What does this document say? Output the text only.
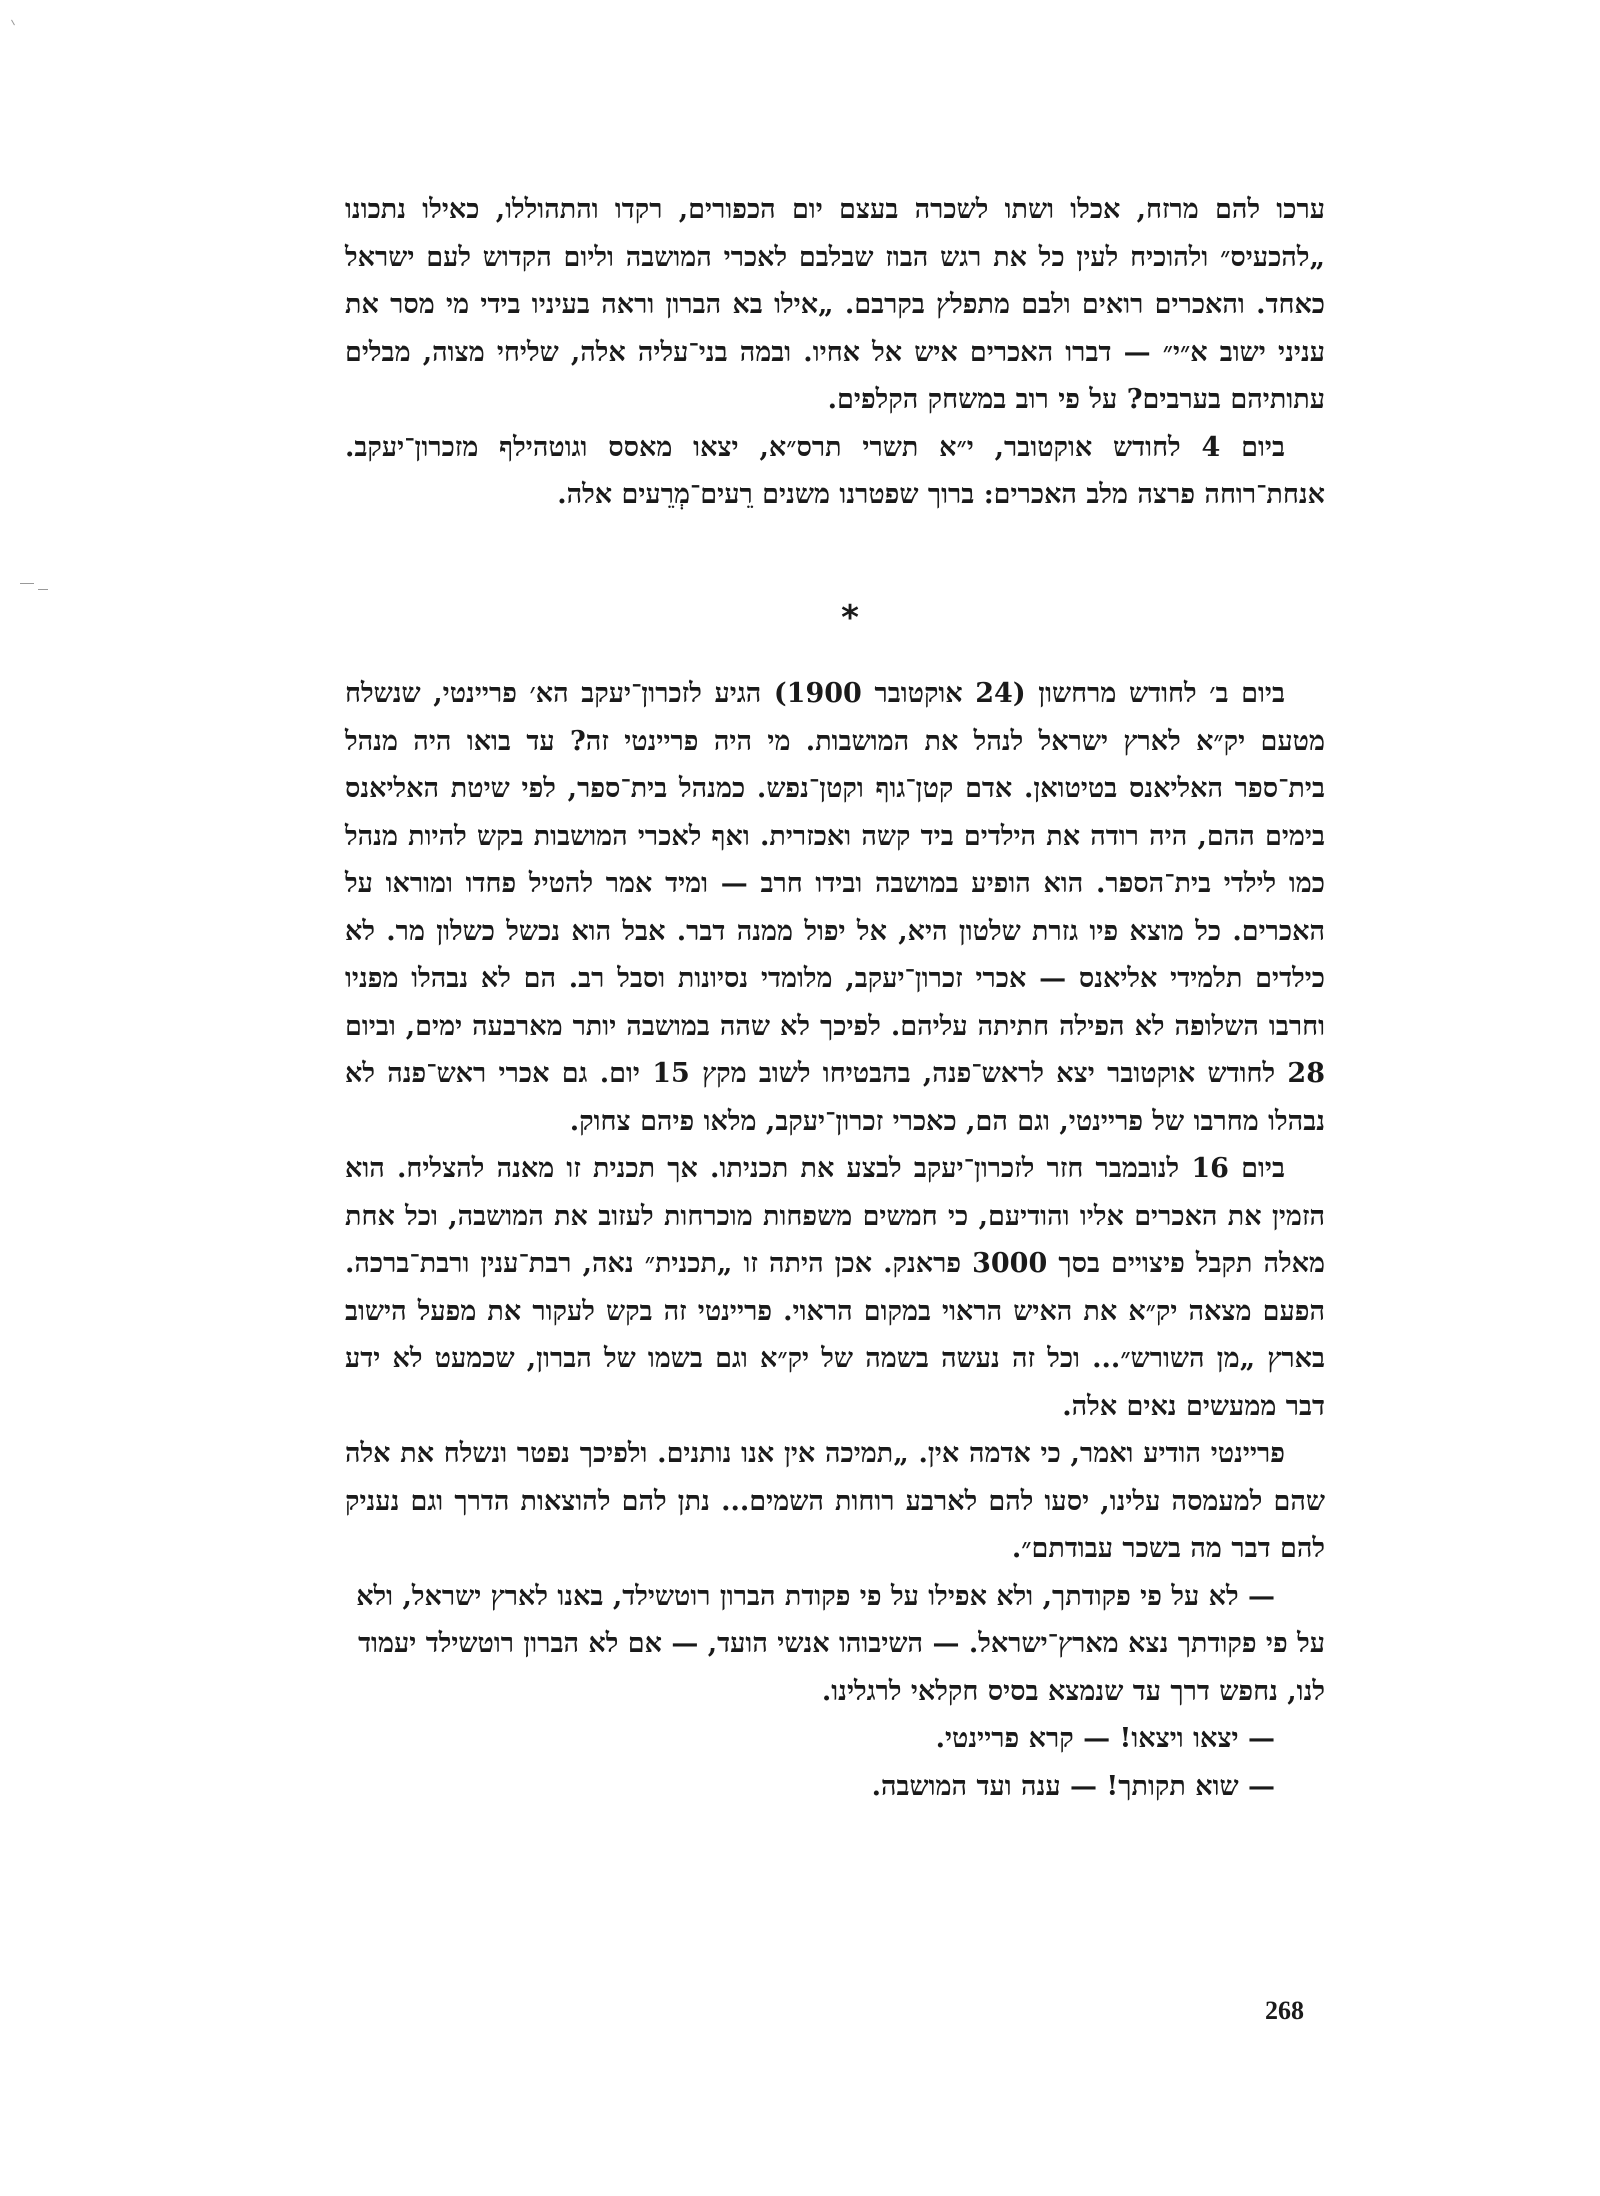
ערכו להם מרזח, אכלו ושתו לשכרה בעצם יום הכפורים, רקדו והתהוללו, כאילו נתכונו „להכעיס״ ולהוכיח לעין כל את רגש הבוז שבלבם לאכרי המושבה וליום הקדוש לעם ישראל כאחד. והאכרים רואים ולבם מתפלץ בקרבם. „אילו בא הברון וראה בעיניו בידי מי מסר את עניני ישוב א״י״ — דברו האכרים איש אל אחיו. ובמה בני־עליה אלה, שליחי מצוה, מבלים עתותיהם בערבים? על פי רוב במשחק הקלפים.

ביום 4 לחודש אוקטובר, י״א תשרי תרס״א, יצאו מאסס וגוטהילף מזכרון־יעקב. אנחת־רוחה פרצה מלב האכרים: ברוך שפטרנו משנים רֵעים־מְרֵעים אלה.

*

ביום ב׳ לחודש מרחשון (24 אוקטובר 1900) הגיע לזכרון־יעקב הא׳ פריינטי, שנשלח מטעם יק״א לארץ ישראל לנהל את המושבות. מי היה פריינטי זה? עד בואו היה מנהל בית־ספר האליאנס בטיטואן. אדם קטן־גוף וקטן־נפש. כמנהל בית־ספר, לפי שיטת האליאנס בימים ההם, היה רודה את הילדים ביד קשה ואכזרית. ואף לאכרי המושבות בקש להיות מנהל כמו לילדי בית־הספר. הוא הופיע במושבה ובידו חרב — ומיד אמר להטיל פחדו ומוראו על האכרים. כל מוצא פיו גזרת שלטון היא, אל יפול ממנה דבר. אבל הוא נכשל כשלון מר. לא כילדים תלמידי אליאנס — אכרי זכרון־יעקב, מלומדי נסיונות וסבל רב. הם לא נבהלו מפניו וחרבו השלופה לא הפילה חתיתה עליהם. לפיכך לא שהה במושבה יותר מארבעה ימים, וביום 28 לחודש אוקטובר יצא לראש־פנה, בהבטיחו לשוב מקץ 15 יום. גם אכרי ראש־פנה לא נבהלו מחרבו של פריינטי, וגם הם, כאכרי זכרון־יעקב, מלאו פיהם צחוק.

ביום 16 לנובמבר חזר לזכרון־יעקב לבצע את תכניתו. אך תכנית זו מאנה להצליח. הוא הזמין את האכרים אליו והודיעם, כי חמשים משפחות מוכרחות לעזוב את המושבה, וכל אחת מאלה תקבל פיצויים בסך 3000 פראנק. אכן היתה זו „תכנית״ נאה, רבת־ענין ורבת־ברכה. הפעם מצאה יק״א את האיש הראוי במקום הראוי. פריינטי זה בקש לעקור את מפעל הישוב בארץ „מן השורש״... וכל זה נעשה בשמה של יק״א וגם בשמו של הברון, שכמעט לא ידע דבר ממעשים נאים אלה.

פריינטי הודיע ואמר, כי אדמה אין. „תמיכה אין אנו נותנים. ולפיכך נפטר ונשלח את אלה שהם למעמסה עלינו, יסעו להם לארבע רוחות השמים... נתן להם להוצאות הדרך וגם נעניק להם דבר מה בשכר עבודתם״.

— לא על פי פקודתך, ולא אפילו על פי פקודת הברון רוטשילד, באנו לארץ ישראל, ולא על פי פקודתך נצא מארץ־ישראל. — השיבוהו אנשי הועד, — אם לא הברון רוטשילד יעמוד לנו, נחפש דרך עד שנמצא בסיס חקלאי לרגלינו.

— יצאו ויצאו! — קרא פריינטי.

— שוא תקותך! — ענה ועד המושבה.

268
